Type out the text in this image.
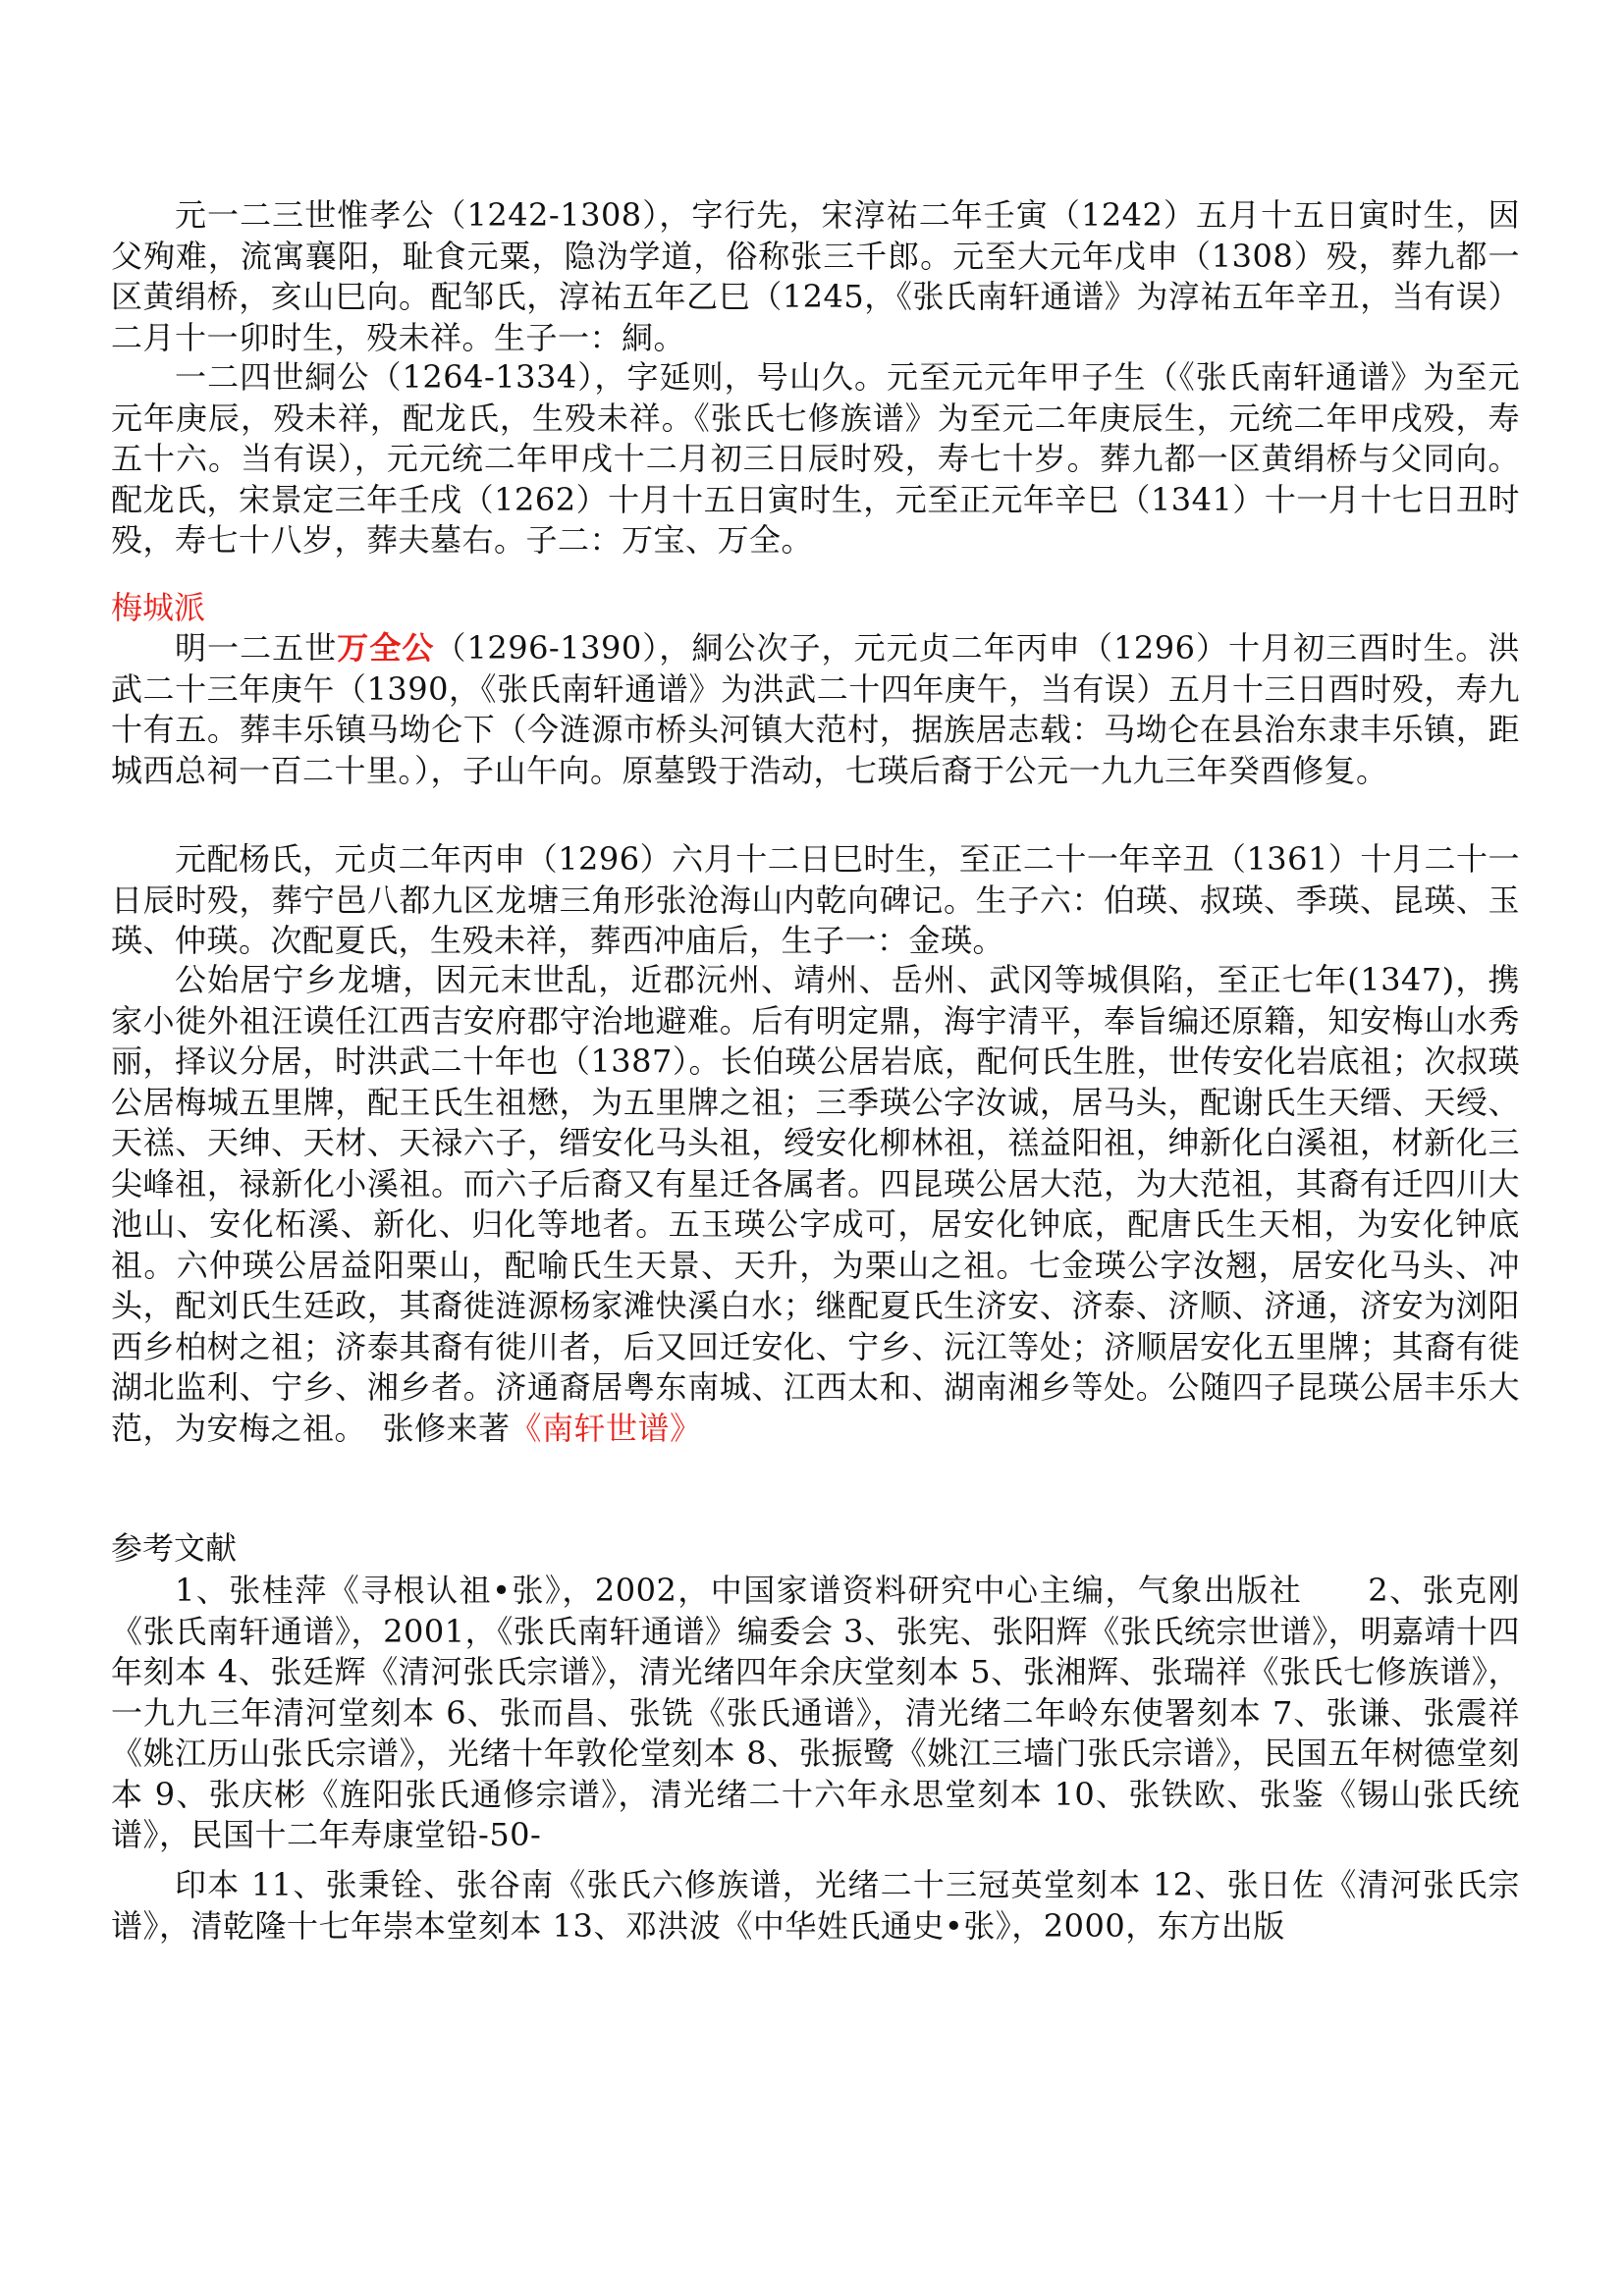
元一二三世惟孝公（1242-1308），字行先，宋淳祐二年壬寅（1242）五月十五日寅时生，因父殉难，流寓襄阳，耻食元粟，隐沩学道，俗称张三千郎。元至大元年戊申（1308）殁，葬九都一区黄绢桥，亥山巳向。配邹氏，淳祐五年乙巳（1245，《张氏南轩通谱》为淳祐五年辛丑，当有误）二月十一卯时生，殁未祥。生子一：絧。

一二四世絧公（1264-1334），字延则，号山久。元至元元年甲子生（《张氏南轩通谱》为至元元年庚辰，殁未祥，配龙氏，生殁未祥。《张氏七修族谱》为至元二年庚辰生，元统二年甲戌殁，寿五十六。当有误），元元统二年甲戌十二月初三日辰时殁，寿七十岁。葬九都一区黄绢桥与父同向。配龙氏，宋景定三年壬戌（1262）十月十五日寅时生，元至正元年辛巳（1341）十一月十七日丑时殁，寿七十八岁，葬夫墓右。子二：万宝、万全。

梅城派

明一二五世万全公（1296-1390），絧公次子，元元贞二年丙申（1296）十月初三酉时生。洪武二十三年庚午（1390，《张氏南轩通谱》为洪武二十四年庚午，当有误）五月十三日酉时殁，寿九十有五。葬丰乐镇马坳仑下（今涟源市桥头河镇大范村，据族居志载：马坳仑在县治东隶丰乐镇，距城西总祠一百二十里。），子山午向。原墓毁于浩动，七瑛后裔于公元一九九三年癸酉修复。

元配杨氏，元贞二年丙申（1296）六月十二日巳时生，至正二十一年辛丑（1361）十月二十一日辰时殁，葬宁邑八都九区龙塘三角形张沧海山内乾向碑记。生子六：伯瑛、叔瑛、季瑛、昆瑛、玉瑛、仲瑛。次配夏氏，生殁未祥，葬西冲庙后，生子一：金瑛。

公始居宁乡龙塘，因元末世乱，近郡沅州、靖州、岳州、武冈等城俱陷，至正七年(1347)，携家小徙外祖汪谟任江西吉安府郡守治地避难。后有明定鼎，海宇清平，奉旨编还原籍，知安梅山水秀丽，择议分居，时洪武二十年也（1387）。长伯瑛公居岩底，配何氏生胜，世传安化岩底祖；次叔瑛公居梅城五里牌，配王氏生祖懋，为五里牌之祖；三季瑛公字汝诚，居马头，配谢氏生天缙、天绶、天禚、天绅、天材、天禄六子，缙安化马头祖，绶安化柳林祖，禚益阳祖，绅新化白溪祖，材新化三尖峰祖，禄新化小溪祖。而六子后裔又有星迁各属者。四昆瑛公居大范，为大范祖，其裔有迁四川大池山、安化柘溪、新化、归化等地者。五玉瑛公字成可，居安化钟底，配唐氏生天相，为安化钟底祖。六仲瑛公居益阳栗山，配喻氏生天景、天升，为栗山之祖。七金瑛公字汝翘，居安化马头、冲头，配刘氏生廷政，其裔徙涟源杨家滩快溪白水；继配夏氏生济安、济泰、济顺、济通，济安为浏阳西乡柏树之祖；济泰其裔有徙川者，后又回迁安化、宁乡、沅江等处；济顺居安化五里牌；其裔有徙湖北监利、宁乡、湘乡者。济通裔居粤东南城、江西太和、湖南湘乡等处。公随四子昆瑛公居丰乐大范，为安梅之祖。　 张修来著《南轩世谱》

参考文献

1、张桂萍《寻根认祖•张》，2002，中国家谱资料研究中心主编，气象出版社　　2、张克刚《张氏南轩通谱》，2001，《张氏南轩通谱》编委会 3、张宪、张阳辉《张氏统宗世谱》，明嘉靖十四年刻本 4、张廷辉《清河张氏宗谱》，清光绪四年余庆堂刻本 5、张湘辉、张瑞祥《张氏七修族谱》，一九九三年清河堂刻本 6、张而昌、张铣《张氏通谱》，清光绪二年岭东使署刻本 7、张谦、张震祥《姚江历山张氏宗谱》，光绪十年敦伦堂刻本 8、张振鹭《姚江三墙门张氏宗谱》，民国五年树德堂刻本 9、张庆彬《旌阳张氏通修宗谱》，清光绪二十六年永思堂刻本 10、张铁欧、张鉴《锡山张氏统谱》，民国十二年寿康堂铅-50-

印本 11、张秉铨、张谷南《张氏六修族谱，光绪二十三冠英堂刻本 12、张日佐《清河张氏宗谱》，清乾隆十七年崇本堂刻本 13、邓洪波《中华姓氏通史•张》，2000，东方出版
